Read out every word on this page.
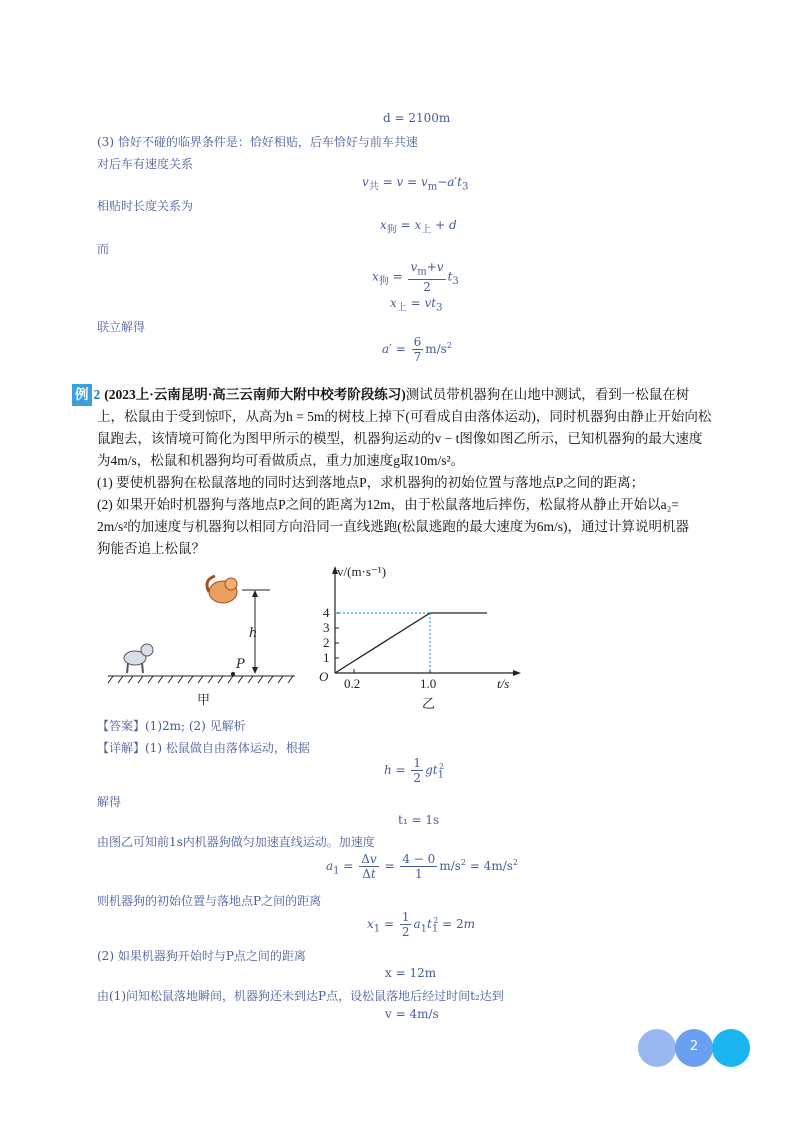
d = 2100m
(3) 恰好不碰的临界条件是：恰好相贴，后车恰好与前车共速
对后车有速度关系
$v_共 = v = v_m-a't_3$
相贴时长度关系为
$x_狗 = x_上 + d$
而
$x_狗 = \frac{v_m+v}{2} t_3$
$x_上 = vt_3$
联立解得
$a' = \frac{6}{7} m/s^2$
例 2 (2023上·云南昆明·高三云南师大附中校考阶段练习)测试员带机器狗在山地中测试，看到一松鼠在树
上，松鼠由于受到惊吓，从高为h = 5m的树枝上掉下(可看成自由落体运动)，同时机器狗由静止开始向松
鼠跑去，该情境可简化为图甲所示的模型，机器狗运动的v − t图像如图乙所示，已知机器狗的最大速度
为4m/s，松鼠和机器狗均可看做质点，重力加速度g取10m/s²。
(1) 要使机器狗在松鼠落地的同时达到落地点P，求机器狗的初始位置与落地点P之间的距离；
(2) 如果开始时机器狗与落地点P之间的距离为12m，由于松鼠落地后摔伤，松鼠将从静止开始以a₂=
2m/s²的加速度与机器狗以相同方向沿同一直线逃跑(松鼠逃跑的最大速度为6m/s)，通过计算说明机器
狗能否追上松鼠？
h
P
甲
v/(m·s⁻¹)
t/s
O
1
2
3
4
0.2	1.0
乙
【答案】(1)2m; (2) 见解析
【详解】(1) 松鼠做自由落体运动，根据
$h = \frac{1}{2} gt_1^2$
解得
t₁ = 1s
由图乙可知前1s内机器狗做匀加速直线运动。加速度
$a_1 = \frac{\Delta v}{\Delta t} = \frac{4 - 0}{1} m/s^2 = 4m/s^2$
则机器狗的初始位置与落地点P之间的距离
$x_1 = \frac{1}{2} a_1t_1^2 = 2m$
(2) 如果机器狗开始时与P点之间的距离
x = 12m
由(1)问知松鼠落地瞬间，机器狗还未到达P点，设松鼠落地后经过时间t₂达到
v = 4m/s
2
